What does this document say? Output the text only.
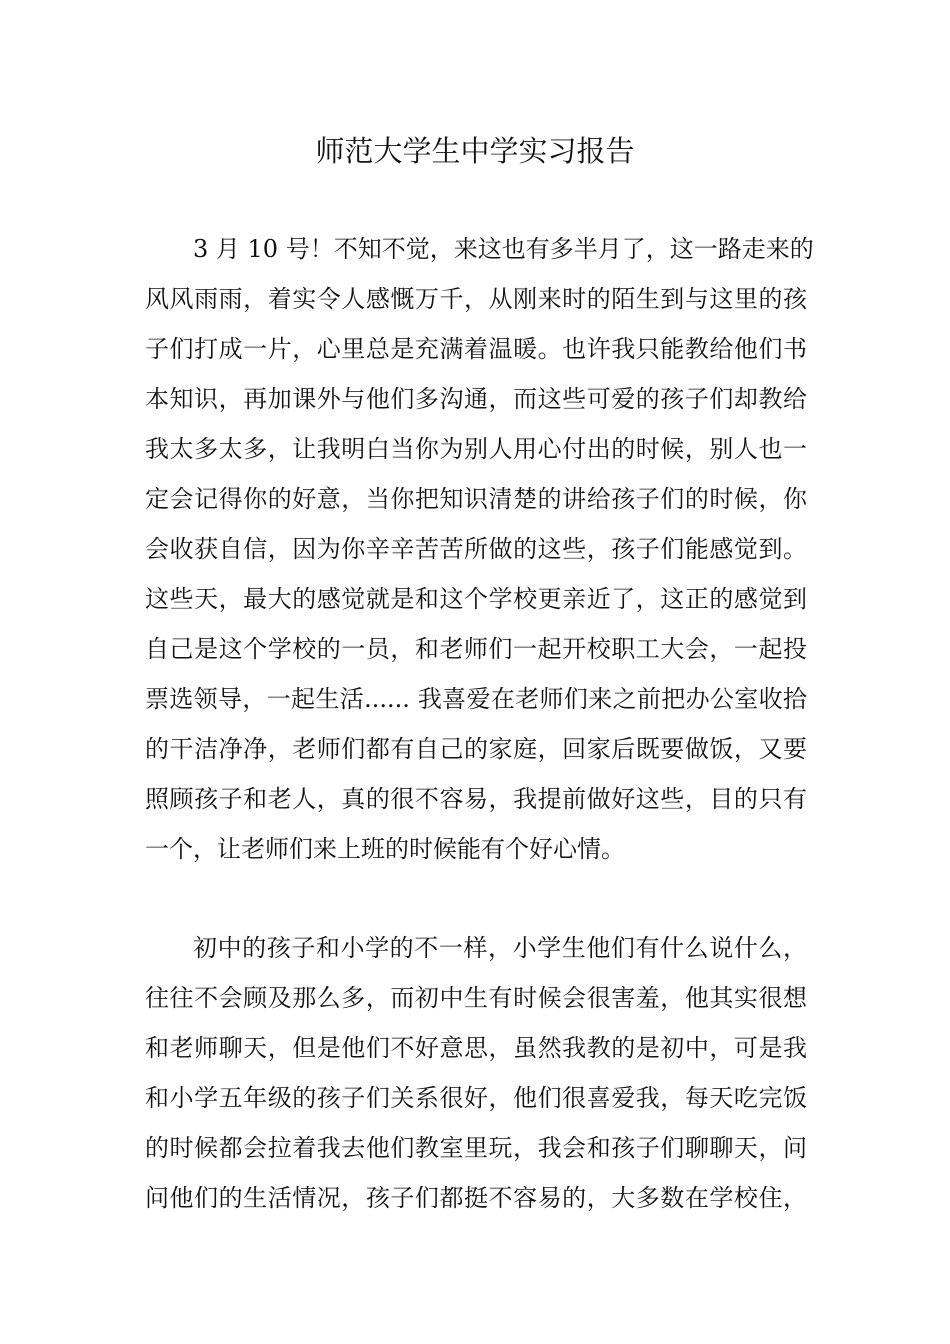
师范大学生中学实习报告
3 月 10 号！不知不觉，来这也有多半月了，这一路走来的
风风雨雨，着实令人感慨万千，从刚来时的陌生到与这里的孩
子们打成一片，心里总是充满着温暖。也许我只能教给他们书
本知识，再加课外与他们多沟通，而这些可爱的孩子们却教给
我太多太多，让我明白当你为别人用心付出的时候，别人也一
定会记得你的好意，当你把知识清楚的讲给孩子们的时候，你
会收获自信，因为你辛辛苦苦所做的这些，孩子们能感觉到。
这些天，最大的感觉就是和这个学校更亲近了，这正的感觉到
自己是这个学校的一员，和老师们一起开校职工大会，一起投
票选领导，一起生活...... 我喜爱在老师们来之前把办公室收拾
的干洁净净，老师们都有自己的家庭，回家后既要做饭，又要
照顾孩子和老人，真的很不容易，我提前做好这些，目的只有
一个，让老师们来上班的时候能有个好心情。
初中的孩子和小学的不一样，小学生他们有什么说什么，
往往不会顾及那么多，而初中生有时候会很害羞，他其实很想
和老师聊天，但是他们不好意思，虽然我教的是初中，可是我
和小学五年级的孩子们关系很好，他们很喜爱我，每天吃完饭
的时候都会拉着我去他们教室里玩，我会和孩子们聊聊天，问
问他们的生活情况，孩子们都挺不容易的，大多数在学校住，
